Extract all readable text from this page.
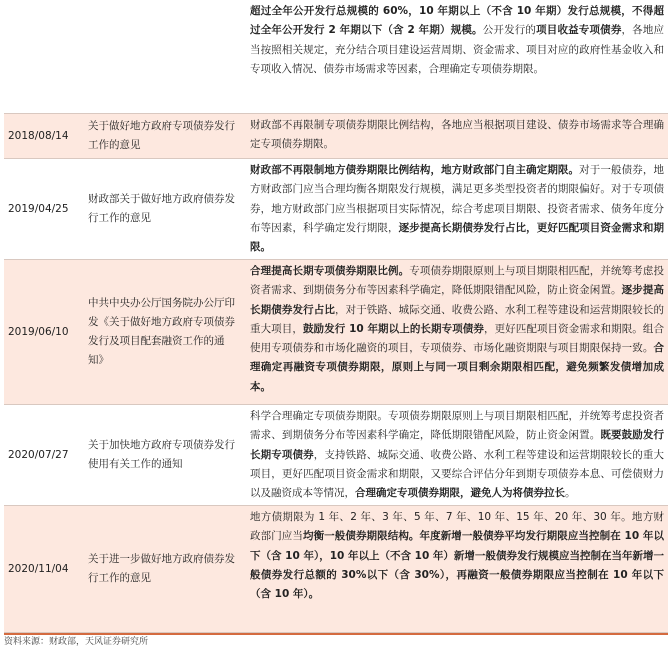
超过全年公开发行总规模的 60%，10 年期以上（不含 10 年期）发行总规模，不得超过全年公开发行 2 年期以下（含 2 年期）规模。公开发行的项目收益专项债券，各地应当按照相关规定，充分结合项目建设运营周期、资金需求、项目对应的政府性基金收入和专项收入情况、债券市场需求等因素，合理确定专项债券期限。
2018/08/14
关于做好地方政府专项债券发行工作的意见
财政部不再限制专项债券期限比例结构，各地应当根据项目建设、债券市场需求等合理确定专项债券期限。
2019/04/25
财政部关于做好地方政府债券发行工作的意见
财政部不再限制地方债券期限比例结构，地方财政部门自主确定期限。对于一般债券，地方财政部门应当合理均衡各期限发行规模，满足更多类型投资者的期限偏好。对于专项债券，地方财政部门应当根据项目实际情况，综合考虑项目期限、投资者需求、债务年度分布等因素，科学确定发行期限，逐步提高长期债券发行占比，更好匹配项目资金需求和期限。
2019/06/10
中共中央办公厅国务院办公厅印发《关于做好地方政府专项债券发行及项目配套融资工作的通知》
合理提高长期专项债券期限比例。专项债券期限原则上与项目期限相匹配，并统筹考虑投资者需求、到期债务分布等因素科学确定，降低期限错配风险，防止资金闲置。逐步提高长期债券发行占比，对于铁路、城际交通、收费公路、水利工程等建设和运营期限较长的重大项目，鼓励发行 10 年期以上的长期专项债券，更好匹配项目资金需求和期限。组合使用专项债券和市场化融资的项目，专项债券、市场化融资期限与项目期限保持一致。合理确定再融资专项债券期限，原则上与同一项目剩余期限相匹配，避免频繁发债增加成本。
2020/07/27
关于加快地方政府专项债券发行使用有关工作的通知
科学合理确定专项债券期限。专项债券期限原则上与项目期限相匹配，并统筹考虑投资者需求、到期债务分布等因素科学确定，降低期限错配风险，防止资金闲置。既要鼓励发行长期专项债券，支持铁路、城际交通、收费公路、水利工程等建设和运营期限较长的重大项目，更好匹配项目资金需求和期限，又要综合评估分年到期专项债券本息、可偿债财力以及融资成本等情况，合理确定专项债券期限，避免人为将债券拉长。
2020/11/04
关于进一步做好地方政府债券发行工作的意见
地方债期限为 1 年、2 年、3 年、5 年、7 年、10 年、15 年、20 年、30 年。地方财政部门应当均衡一般债券期限结构。年度新增一般债券平均发行期限应当控制在 10 年以下（含 10 年），10 年以上（不含 10 年）新增一般债券发行规模应当控制在当年新增一般债券发行总额的 30%以下（含 30%），再融资一般债券期限应当控制在 10 年以下（含 10 年）。
资料来源：财政部，天风证券研究所
